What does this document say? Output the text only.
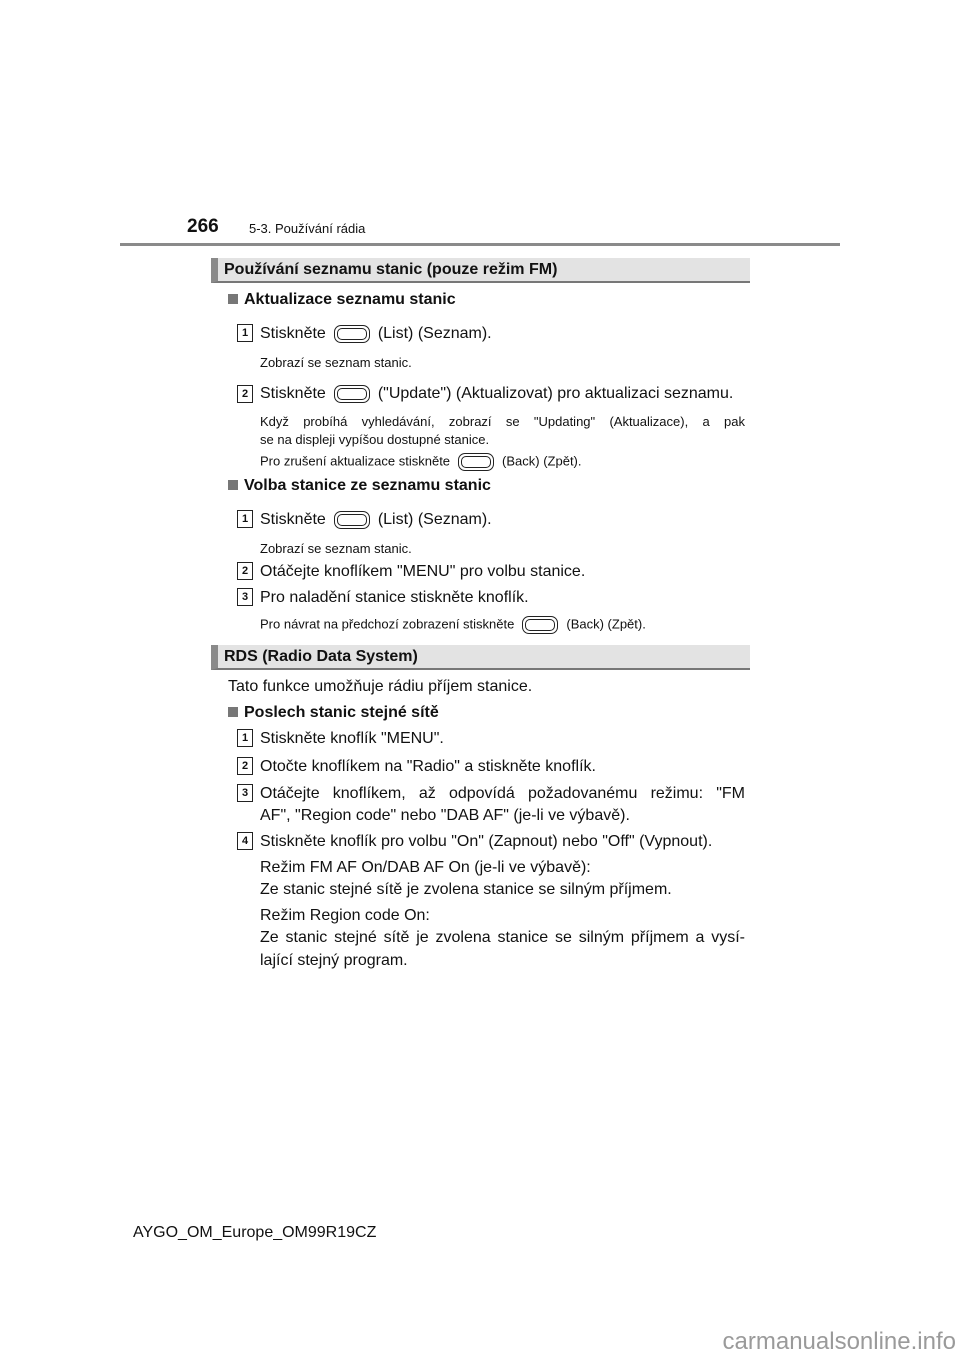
266 5-3. Používání rádia
Používání seznamu stanic (pouze režim FM)
Aktualizace seznamu stanic
1 Stiskněte	(List) (Seznam).
Zobrazí se seznam stanic.
2 Stiskněte	("Update") (Aktualizovat) pro aktualizaci seznamu.
Když probíhá vyhledávání, zobrazí se "Updating" (Aktualizace), a pak
se na displeji vypíšou dostupné stanice.
Pro zrušení aktualizace stiskněte	(Back) (Zpět).
Volba stanice ze seznamu stanic
1 Stiskněte	(List) (Seznam).
Zobrazí se seznam stanic.
2 Otáčejte knoflíkem "MENU" pro volbu stanice.
3 Pro naladění stanice stiskněte knoflík.
Pro návrat na předchozí zobrazení stiskněte	(Back) (Zpět).
RDS (Radio Data System)
Tato funkce umožňuje rádiu příjem stanice.
Poslech stanic stejné sítě
1 Stiskněte knoflík "MENU".
2 Otočte knoflíkem na "Radio" a stiskněte knoflík.
3 Otáčejte knoflíkem, až odpovídá požadovanému režimu: "FM
AF", "Region code" nebo "DAB AF" (je-li ve výbavě).
4 Stiskněte knoflík pro volbu "On" (Zapnout) nebo "Off" (Vypnout).
Režim FM AF On/DAB AF On (je-li ve výbavě):
Ze stanic stejné sítě je zvolena stanice se silným příjmem.
Režim Region code On:
Ze stanic stejné sítě je zvolena stanice se silným příjmem a vysí-
lající stejný program.
AYGO_OM_Europe_OM99R19CZ
carmanualsonline.info
